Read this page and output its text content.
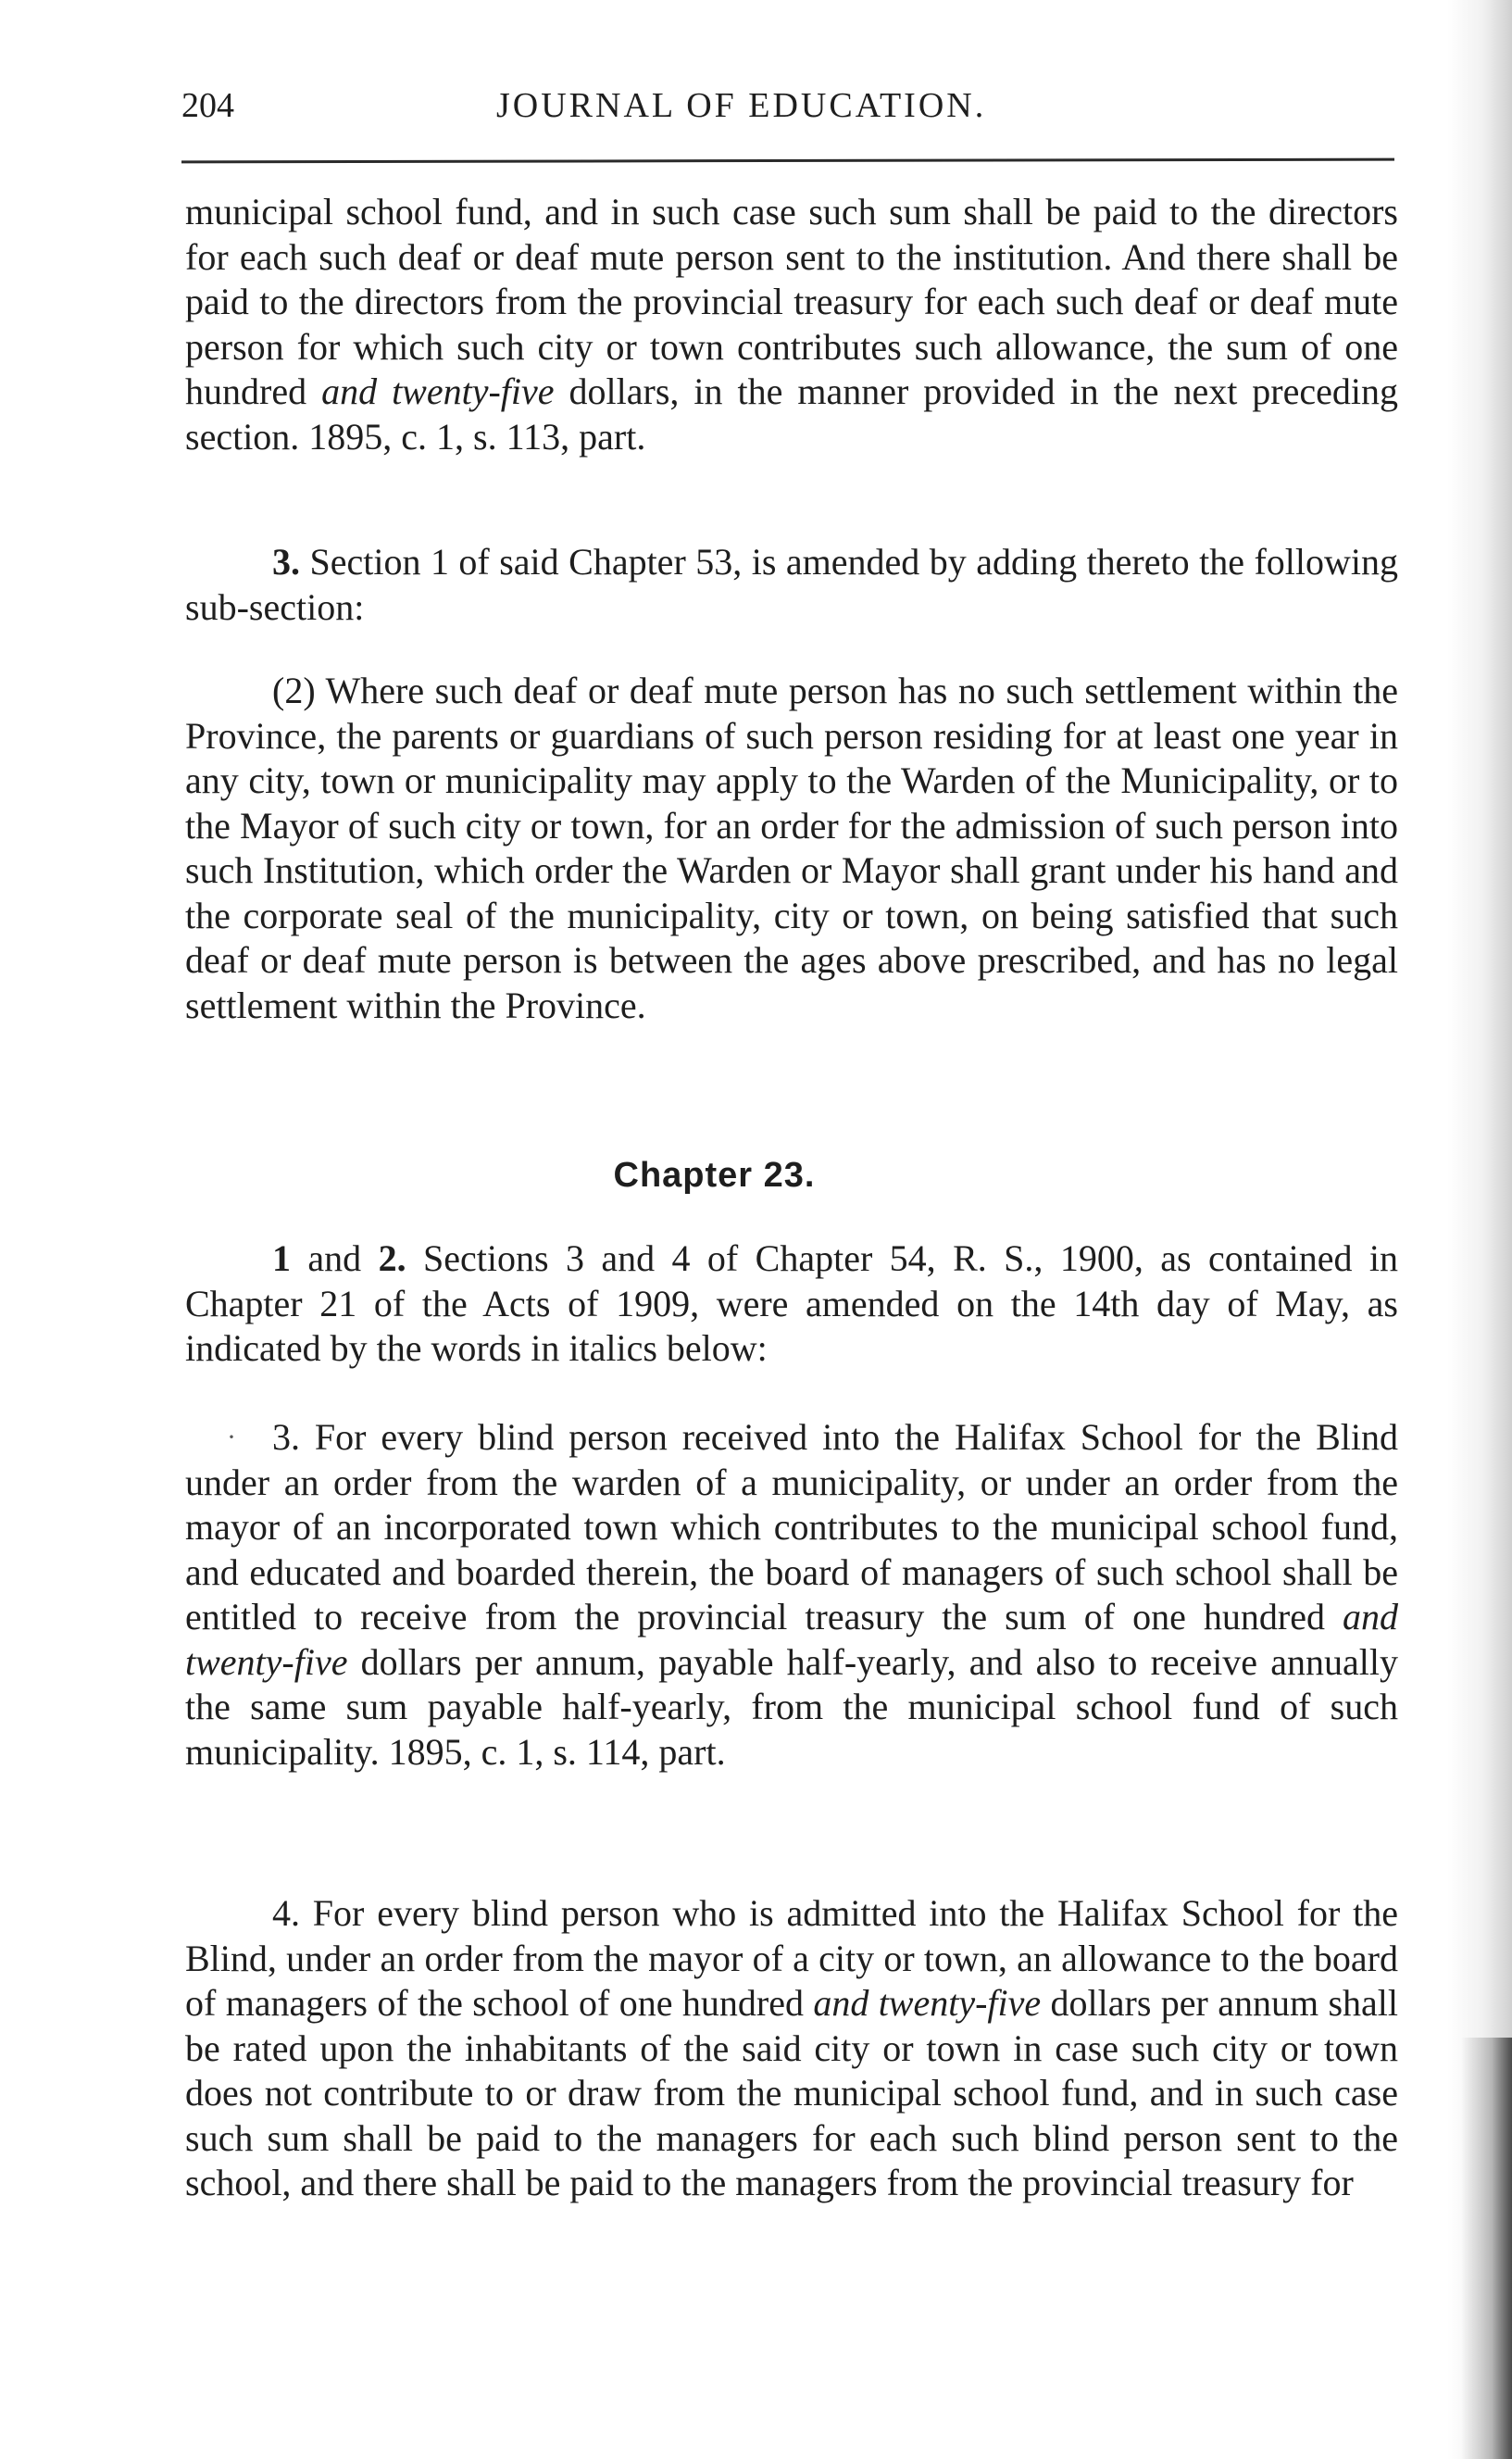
204	JOURNAL OF EDUCATION.

municipal school fund, and in such case such sum shall be paid to the directors for each such deaf or deaf mute person sent to the institution. And there shall be paid to the directors from the provincial treasury for each such deaf or deaf mute person for which such city or town contributes such allowance, the sum of one hundred and twenty-five dollars, in the manner provided in the next preceding section. 1895, c. 1, s. 113, part.

3. Section 1 of said Chapter 53, is amended by adding thereto the following sub-section:

(2) Where such deaf or deaf mute person has no such settlement within the Province, the parents or guardians of such person residing for at least one year in any city, town or municipality may apply to the Warden of the Municipality, or to the Mayor of such city or town, for an order for the admission of such person into such Institution, which order the Warden or Mayor shall grant under his hand and the corporate seal of the municipality, city or town, on being satisfied that such deaf or deaf mute person is between the ages above prescribed, and has no legal settlement within the Province.

Chapter 23.

1 and 2. Sections 3 and 4 of Chapter 54, R. S., 1900, as contained in Chapter 21 of the Acts of 1909, were amended on the 14th day of May, as indicated by the words in italics below:

· 3. For every blind person received into the Halifax School for the Blind under an order from the warden of a municipality, or under an order from the mayor of an incorporated town which contributes to the municipal school fund, and educated and boarded therein, the board of managers of such school shall be entitled to receive from the provincial treasury the sum of one hundred and twenty-five dollars per annum, payable half-yearly, and also to receive annually the same sum payable half-yearly, from the municipal school fund of such municipality. 1895, c. 1, s. 114, part.

4. For every blind person who is admitted into the Halifax School for the Blind, under an order from the mayor of a city or town, an allowance to the board of managers of the school of one hundred and twenty-five dollars per annum shall be rated upon the inhabitants of the said city or town in case such city or town does not contribute to or draw from the municipal school fund, and in such case such sum shall be paid to the managers for each such blind person sent to the school, and there shall be paid to the managers from the provincial treasury for
